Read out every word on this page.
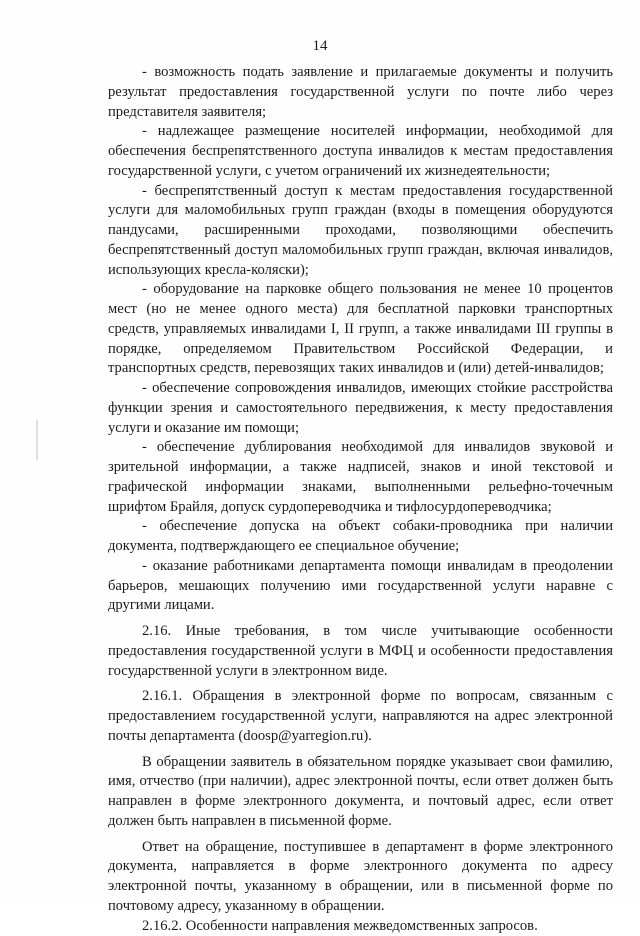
14

- возможность подать заявление и прилагаемые документы и получить результат предоставления государственной услуги по почте либо через представителя заявителя;

- надлежащее размещение носителей информации, необходимой для обеспечения беспрепятственного доступа инвалидов к местам предоставления государственной услуги, с учетом ограничений их жизнедеятельности;

- беспрепятственный доступ к местам предоставления государственной услуги для маломобильных групп граждан (входы в помещения оборудуются пандусами, расширенными проходами, позволяющими обеспечить беспрепятственный доступ маломобильных групп граждан, включая инвалидов, использующих кресла-коляски);

- оборудование на парковке общего пользования не менее 10 процентов мест (но не менее одного места) для бесплатной парковки транспортных средств, управляемых инвалидами I, II групп, а также инвалидами III группы в порядке, определяемом Правительством Российской Федерации, и транспортных средств, перевозящих таких инвалидов и (или) детей-инвалидов;

- обеспечение сопровождения инвалидов, имеющих стойкие расстройства функции зрения и самостоятельного передвижения, к месту предоставления услуги и оказание им помощи;

- обеспечение дублирования необходимой для инвалидов звуковой и зрительной информации, а также надписей, знаков и иной текстовой и графической информации знаками, выполненными рельефно-точечным шрифтом Брайля, допуск сурдопереводчика и тифлосурдопереводчика;

- обеспечение допуска на объект собаки-проводника при наличии документа, подтверждающего ее специальное обучение;

- оказание работниками департамента помощи инвалидам в преодолении барьеров, мешающих получению ими государственной услуги наравне с другими лицами.

2.16. Иные требования, в том числе учитывающие особенности предоставления государственной услуги в МФЦ и особенности предоставления государственной услуги в электронном виде.

2.16.1. Обращения в электронной форме по вопросам, связанным с предоставлением государственной услуги, направляются на адрес электронной почты департамента (doosp@yarregion.ru).

В обращении заявитель в обязательном порядке указывает свои фамилию, имя, отчество (при наличии), адрес электронной почты, если ответ должен быть направлен в форме электронного документа, и почтовый адрес, если ответ должен быть направлен в письменной форме.

Ответ на обращение, поступившее в департамент в форме электронного документа, направляется в форме электронного документа по адресу электронной почты, указанному в обращении, или в письменной форме по почтовому адресу, указанному в обращении.

2.16.2. Особенности направления межведомственных запросов.
